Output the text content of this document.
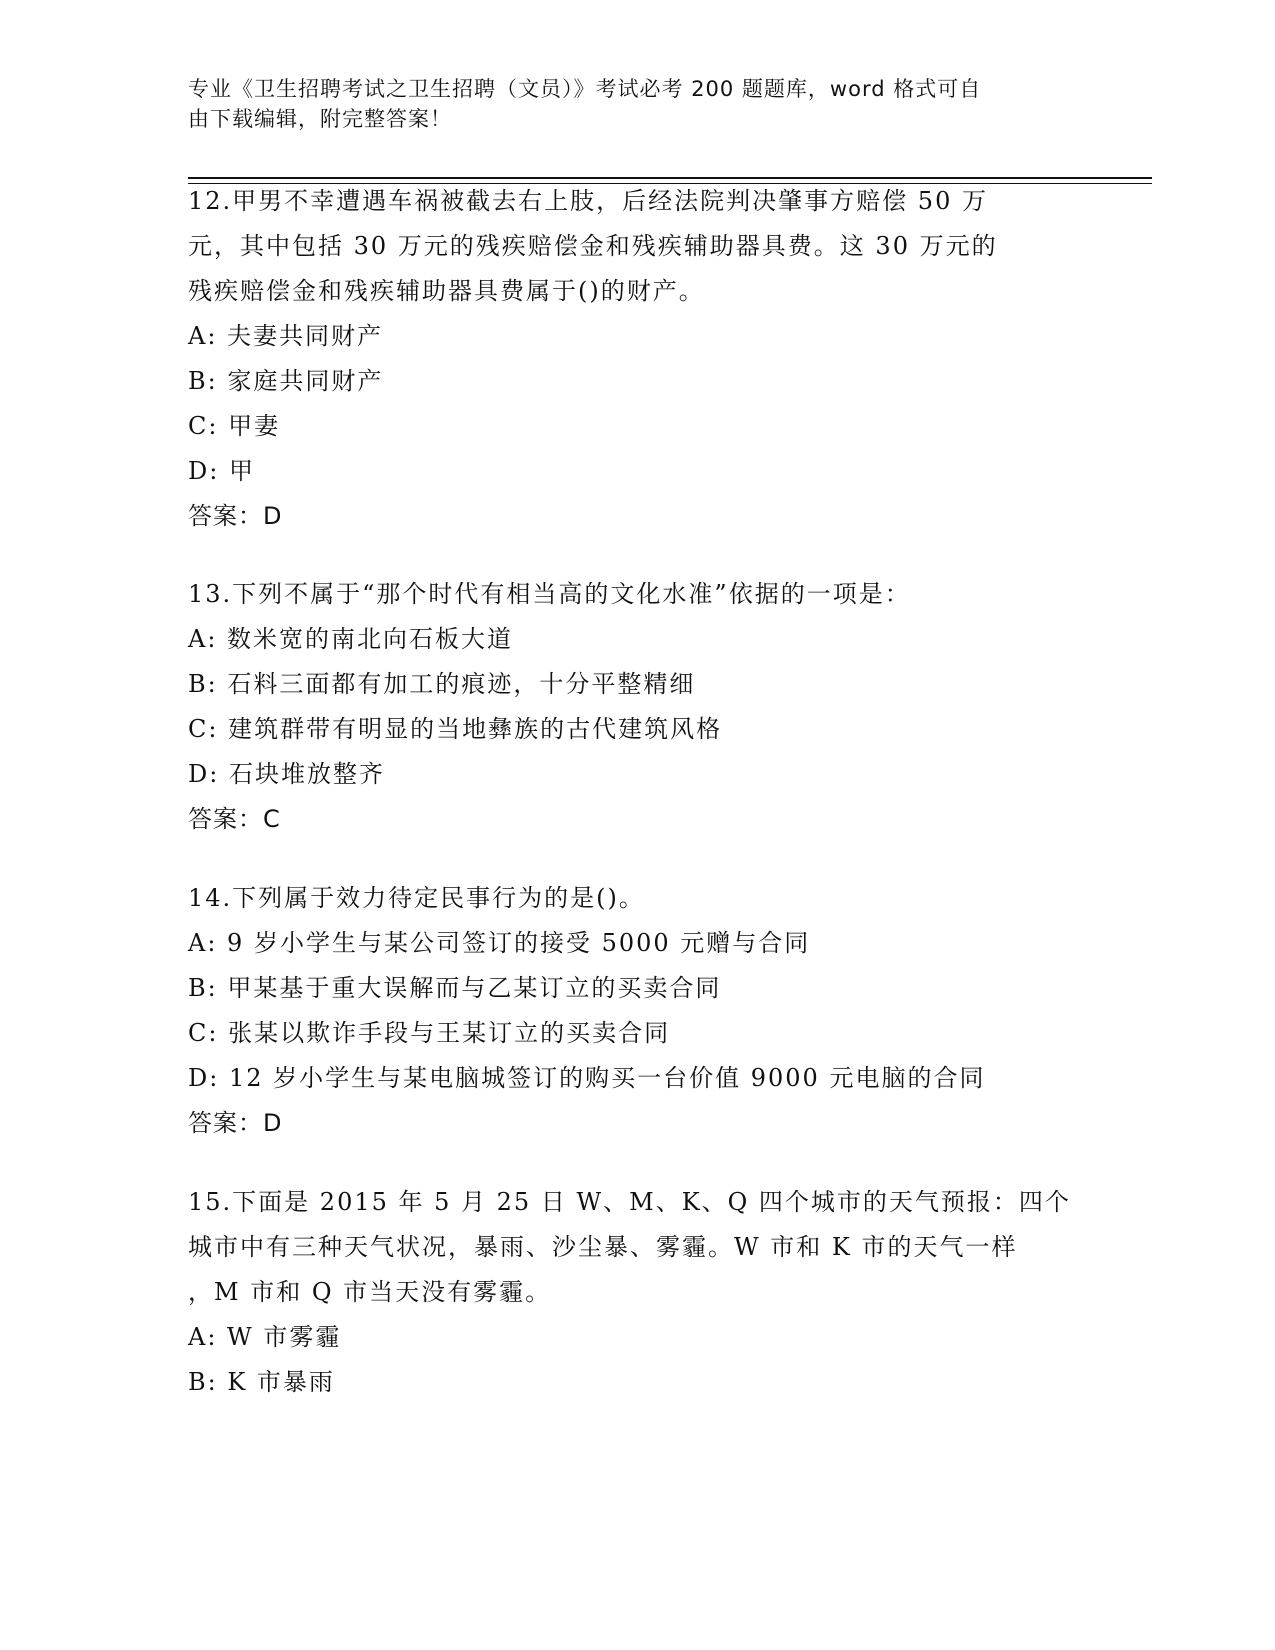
专业《卫生招聘考试之卫生招聘（文员）》考试必考 200 题题库，word 格式可自
由下载编辑，附完整答案！
12.甲男不幸遭遇车祸被截去右上肢，后经法院判决肇事方赔偿 50 万
元，其中包括 30 万元的残疾赔偿金和残疾辅助器具费。这 30 万元的
残疾赔偿金和残疾辅助器具费属于()的财产。
A: 夫妻共同财产
B: 家庭共同财产
C: 甲妻
D: 甲
答案：D
13.下列不属于“那个时代有相当高的文化水准”依据的一项是：
A: 数米宽的南北向石板大道
B: 石料三面都有加工的痕迹，十分平整精细
C: 建筑群带有明显的当地彝族的古代建筑风格
D: 石块堆放整齐
答案：C
14.下列属于效力待定民事行为的是()。
A: 9 岁小学生与某公司签订的接受 5000 元赠与合同
B: 甲某基于重大误解而与乙某订立的买卖合同
C: 张某以欺诈手段与王某订立的买卖合同
D: 12 岁小学生与某电脑城签订的购买一台价值 9000 元电脑的合同
答案：D
15.下面是 2015 年 5 月 25 日 W、M、K、Q 四个城市的天气预报：四个
城市中有三种天气状况，暴雨、沙尘暴、雾霾。W 市和 K 市的天气一样
，M 市和 Q 市当天没有雾霾。
A: W 市雾霾
B: K 市暴雨
